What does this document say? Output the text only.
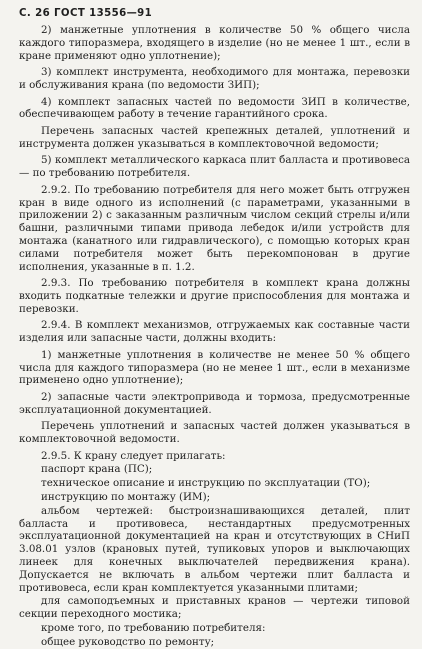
С. 26 ГОСТ 13556—91

2) манжетные уплотнения в количестве 50 % общего числа каждого типоразмера, входящего в изделие (но не менее 1 шт., если в кране применяют одно уплотнение);

3) комплект инструмента, необходимого для монтажа, перевозки и обслуживания крана (по ведомости ЗИП);

4) комплект запасных частей по ведомости ЗИП в количестве, обеспечивающем работу в течение гарантийного срока.

Перечень запасных частей крепежных деталей, уплотнений и инструмента должен указываться в комплектовочной ведомости;

5) комплект металлического каркаса плит балласта и противовеса — по требованию потребителя.

2.9.2. По требованию потребителя для него может быть отгружен кран в виде одного из исполнений (с параметрами, указанными в приложении 2) с заказанным различным числом секций стрелы и/или башни, различными типами привода лебедок и/или устройств для монтажа (канатного или гидравлического), с помощью которых кран силами потребителя может быть перекомпонован в другие исполнения, указанные в п. 1.2.

2.9.3. По требованию потребителя в комплект крана должны входить подкатные тележки и другие приспособления для монтажа и перевозки.

2.9.4. В комплект механизмов, отгружаемых как составные части изделия или запасные части, должны входить:

1) манжетные уплотнения в количестве не менее 50 % общего числа для каждого типоразмера (но не менее 1 шт., если в механизме применено одно уплотнение);

2) запасные части электропривода и тормоза, предусмотренные эксплуатационной документацией.

Перечень уплотнений и запасных частей должен указываться в комплектовочной ведомости.

2.9.5. К крану следует прилагать:

паспорт крана (ПС);

техническое описание и инструкцию по эксплуатации (ТО);

инструкцию по монтажу (ИМ);

альбом чертежей: быстроизнашивающихся деталей, плит балласта и противовеса, нестандартных предусмотренных эксплуатационной документацией на кран и отсутствующих в СНиП 3.08.01 узлов (крановых путей, тупиковых упоров и выключающих линеек для конечных выключателей передвижения крана). Допускается не включать в альбом чертежи плит балласта и противовеса, если кран комплектуется указанными плитами;

для самоподъемных и приставных кранов — чертежи типовой секции переходного мостика;

кроме того, по требованию потребителя:

общее руководство по ремонту;
